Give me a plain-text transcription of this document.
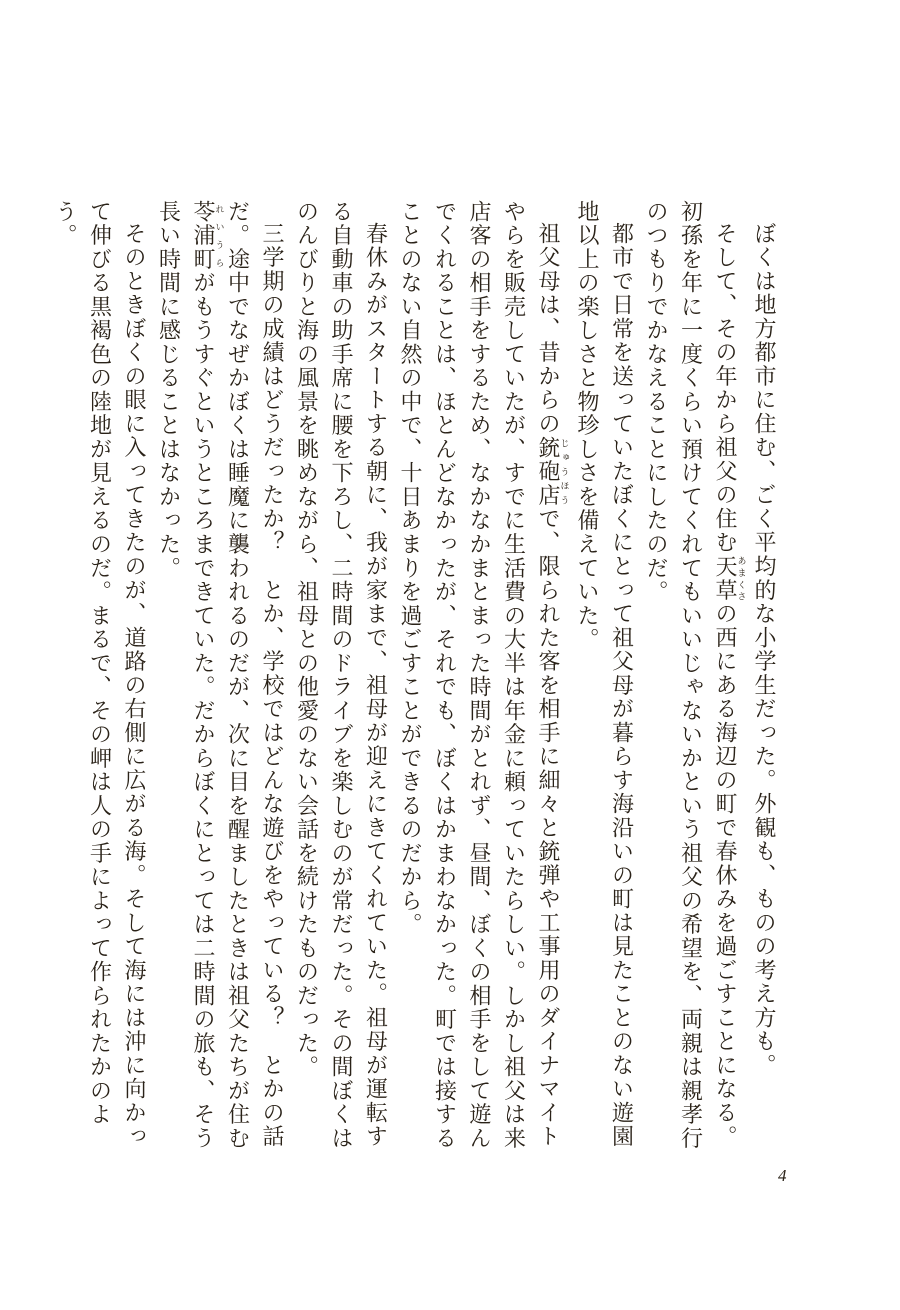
ぼくは地方都市に住む、ごく平均的な小学生だった。外観も、ものの考え方も。

そして、その年から祖父の住む天草あまくさの西にある海辺の町で春休みを過ごすことになる。初孫を年に一度くらい預けてくれてもいいじゃないかという祖父の希望を、両親は親孝行のつもりでかなえることにしたのだ。

都市で日常を送っていたぼくにとって祖父母が暮らす海沿いの町は見たことのない遊園地以上の楽しさと物珍しさを備えていた。

祖父母は、昔からの銃砲店じゅうほうで、限られた客を相手に細々と銃弾や工事用のダイナマイトやらを販売していたが、すでに生活費の大半は年金に頼っていたらしい。しかし祖父は来店客の相手をするため、なかなかまとまった時間がとれず、昼間、ぼくの相手をして遊んでくれることは、ほとんどなかったが、それでも、ぼくはかまわなかった。町では接することのない自然の中で、十日あまりを過ごすことができるのだから。

春休みがスタートする朝に、我が家まで、祖母が迎えにきてくれていた。祖母が運転する自動車の助手席に腰を下ろし、二時間のドライブを楽しむのが常だった。その間ぼくはのんびりと海の風景を眺めながら、祖母との他愛のない会話を続けたものだった。

三学期の成績はどうだったか？　とか、学校ではどんな遊びをやっている？　とかの話だ。途中でなぜかぼくは睡魔に襲われるのだが、次に目を醒ましたときは祖父たちが住む苓浦町れいうらがもうすぐというところまできていた。だからぼくにとっては二時間の旅も、そう長い時間に感じることはなかった。

そのときぼくの眼に入ってきたのが、道路の右側に広がる海。そして海には沖に向かって伸びる黒褐色の陸地が見えるのだ。まるで、その岬は人の手によって作られたかのよう。

4
